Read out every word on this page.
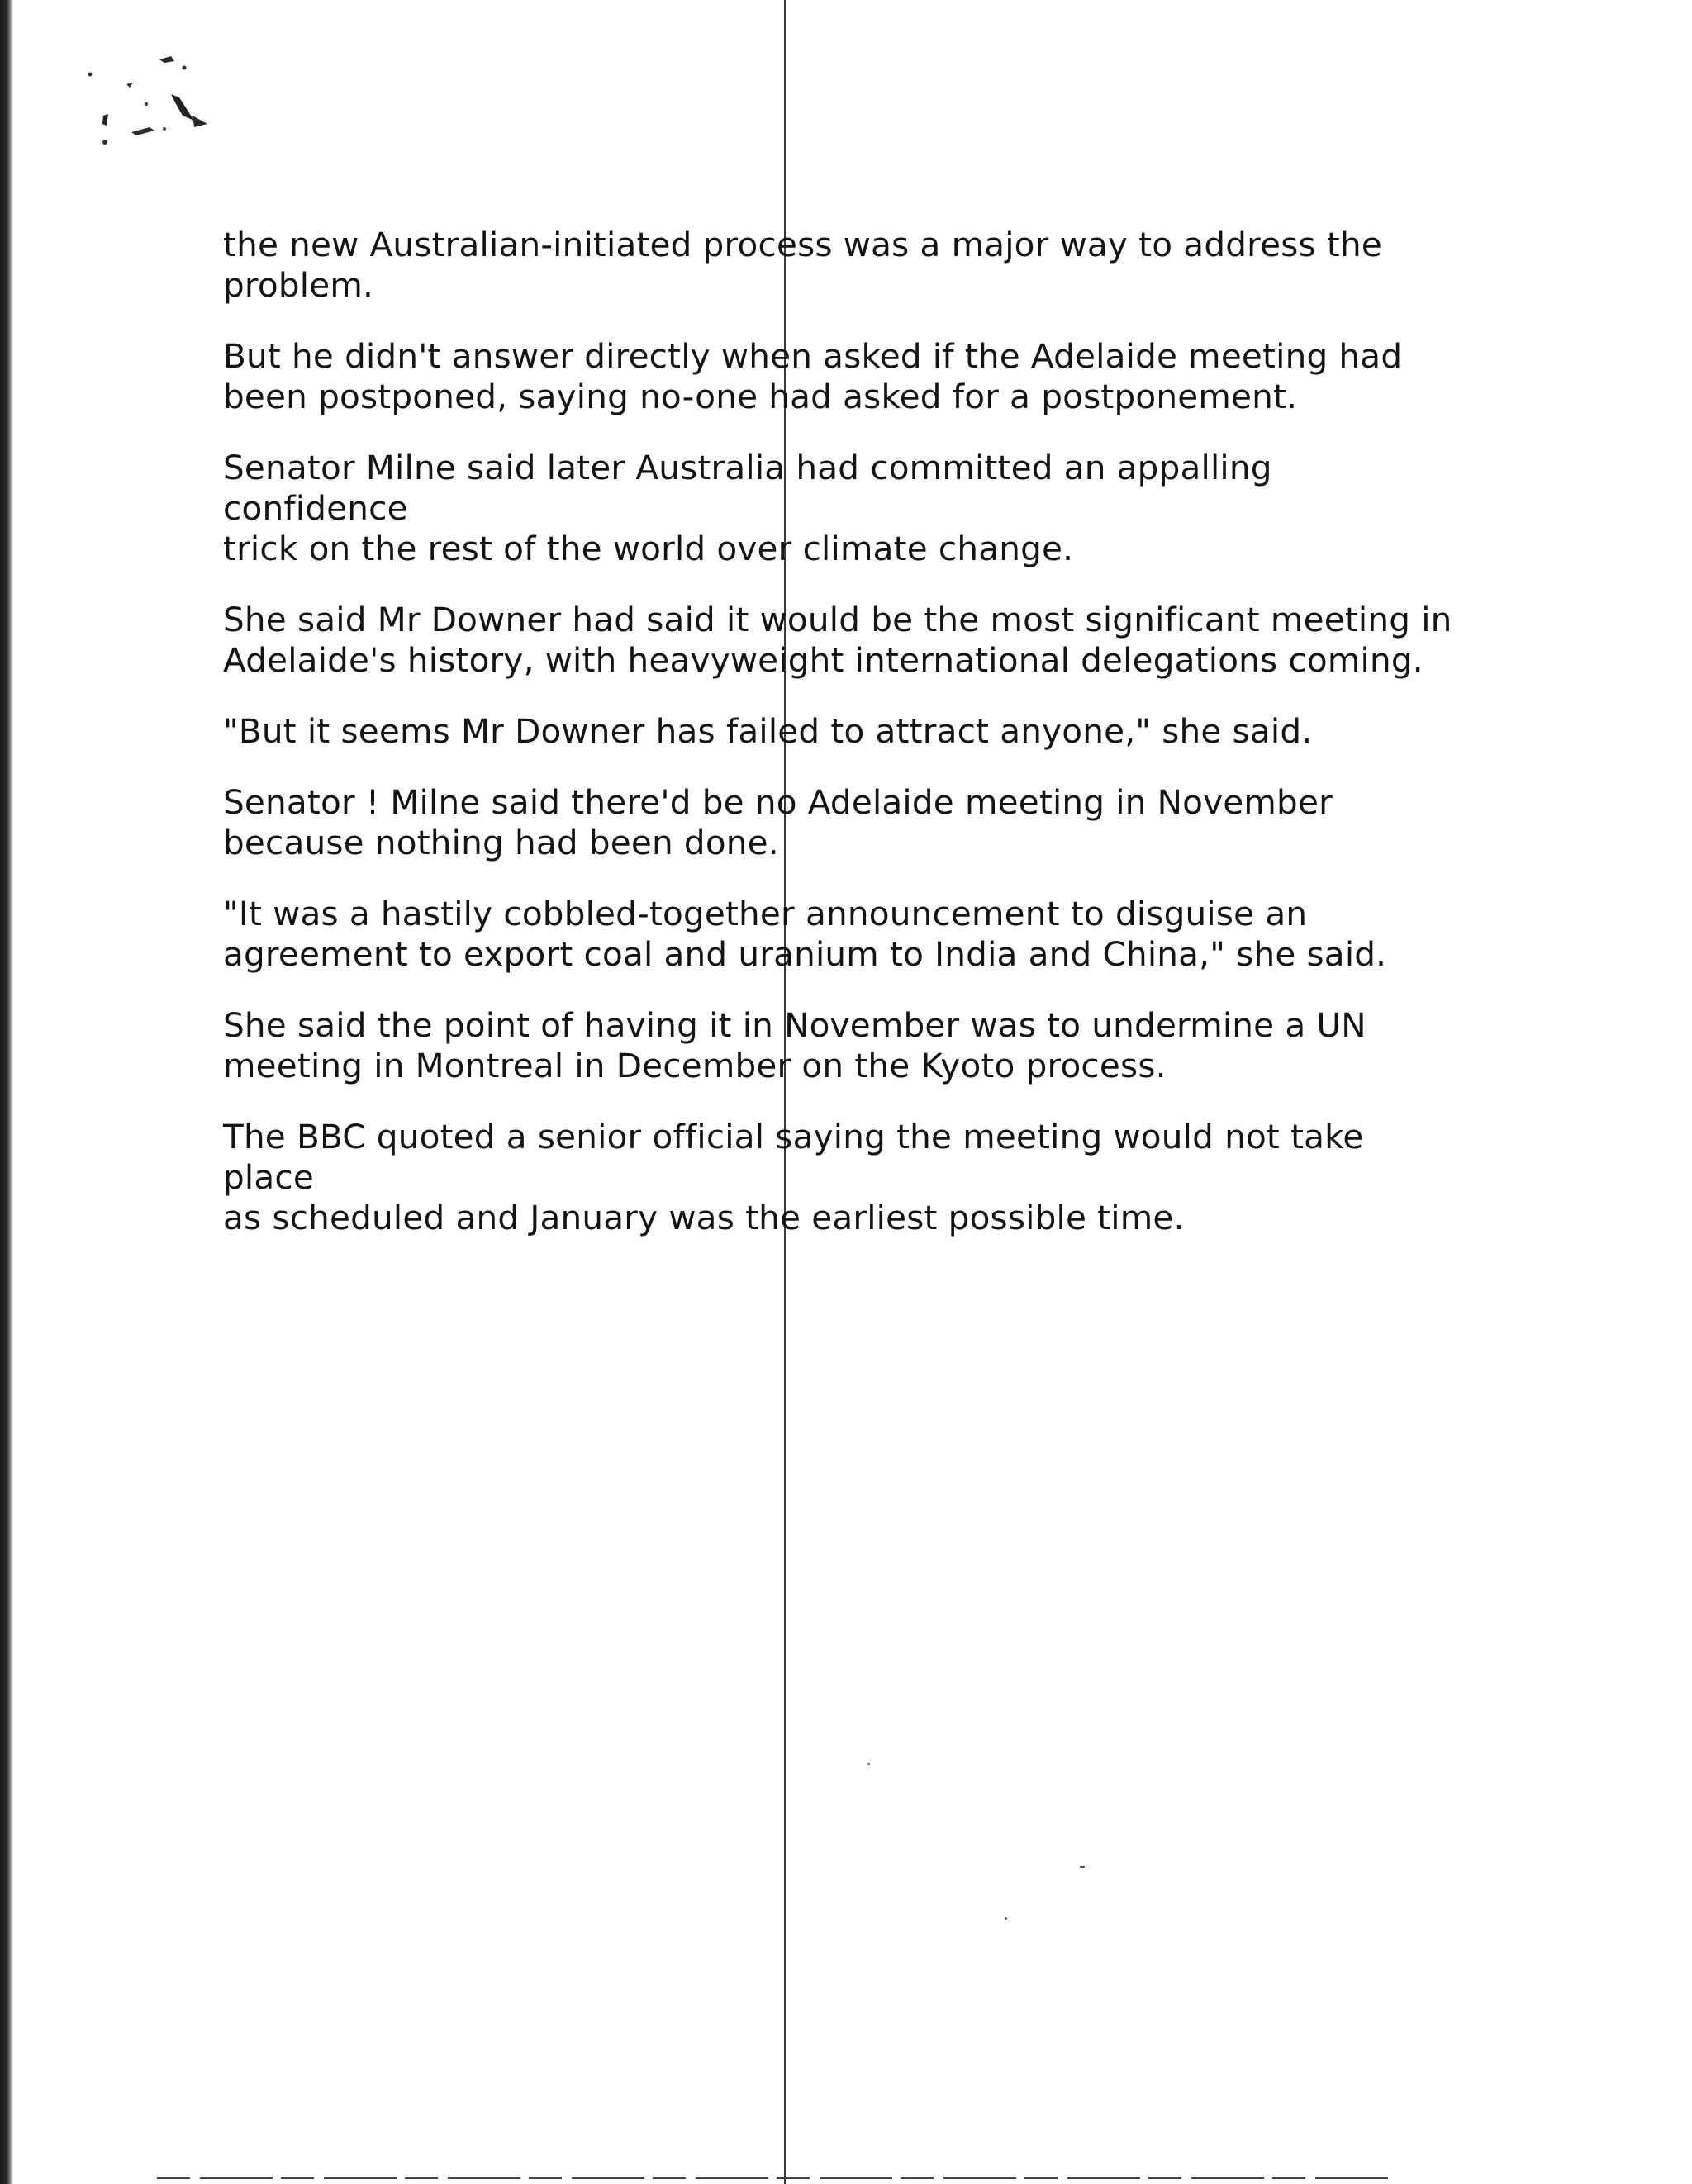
the new Australian-initiated process was a major way to address the
problem.

But he didn't answer directly when asked if the Adelaide meeting had
been postponed, saying no-one had asked for a postponement.

Senator Milne said later Australia had committed an appalling confidence
trick on the rest of the world over climate change.

She said Mr Downer had said it would be the most significant meeting in
Adelaide's history, with heavyweight international delegations coming.

"But it seems Mr Downer has failed to attract anyone," she said.

Senator ! Milne said there'd be no Adelaide meeting in November
because nothing had been done.

"It was a hastily cobbled-together announcement to disguise an
agreement to export coal and uranium to India and China," she said.

She said the point of having it in November was to undermine a UN
meeting in Montreal in December on the Kyoto process.

The BBC quoted a senior official saying the meeting would not take place
as scheduled and January was the earliest possible time.
